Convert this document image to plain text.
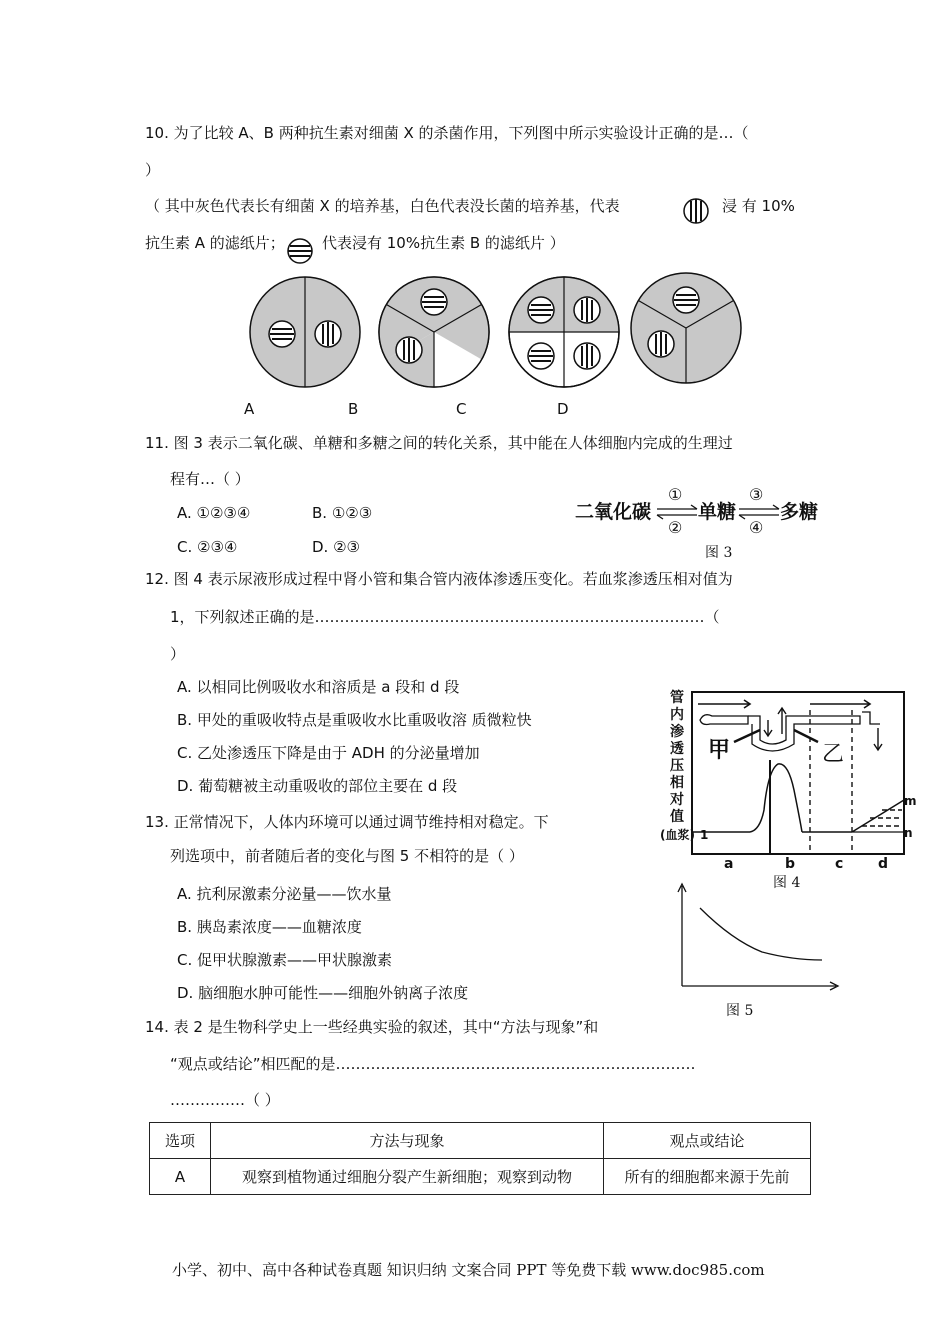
10. 为了比较 A、B 两种抗生素对细菌 X 的杀菌作用，下列图中所示实验设计正确的是…（
）
（ 其中灰色代表长有细菌 X 的培养基，白色代表没长菌的培养基，代表	浸 有 10%
抗生素 A 的滤纸片； 代表浸有 10%抗生素 B 的滤纸片 ）
A	B	C	D
11. 图 3 表示二氧化碳、单糖和多糖之间的转化关系，其中能在人体细胞内完成的生理过
程有…（ ）
A. ①②③④	B. ①②③
C. ②③④	D. ②③
二氧化碳
①
②
单糖
③
④
多糖
图 3
12. 图 4 表示尿液形成过程中肾小管和集合管内液体渗透压变化。若血浆渗透压相对值为
1，下列叙述正确的是……………………………………………………………………（
）
A. 以相同比例吸收水和溶质是 a 段和 d 段
B. 甲处的重吸收特点是重吸收水比重吸收溶 质微粒快
C. 乙处渗透压下降是由于 ADH 的分泌量增加
D. 葡萄糖被主动重吸收的部位主要在 d 段
管
内
渗
透
压
相
对
值
(血浆) 1
甲	乙
m
n
a	b	c d
图 4
13. 正常情况下，人体内环境可以通过调节维持相对稳定。下
列选项中，前者随后者的变化与图 5 不相符的是（ ）
A. 抗利尿激素分泌量——饮水量
B. 胰岛素浓度——血糖浓度
C. 促甲状腺激素——甲状腺激素
D. 脑细胞水肿可能性——细胞外钠离子浓度
图 5
14. 表 2 是生物科学史上一些经典实验的叙述，其中“方法与现象”和
“观点或结论”相匹配的是………………………………………………………………
……………（ ）
选项	方法与现象	观点或结论
A	观察到植物通过细胞分裂产生新细胞；观察到动物	所有的细胞都来源于先前
小学、初中、高中各种试卷真题 知识归纳 文案合同 PPT 等免费下载 www.doc985.com
